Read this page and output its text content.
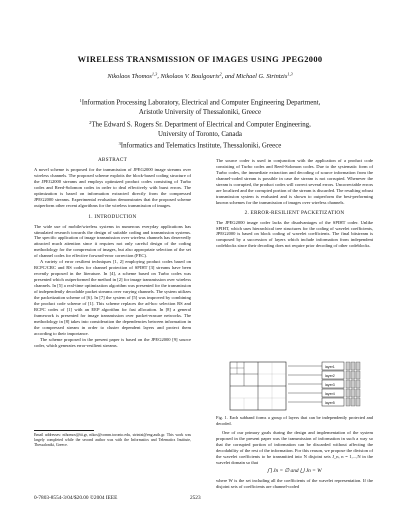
WIRELESS TRANSMISSION OF IMAGES USING JPEG2000
Nikolaos Thomos$^{1,3}$, Nikolaos V. Boulgouris$^2$, and Michael G. Strintzis$^{1,3}$
$^1$Information Processing Laboratory, Electrical and Computer Engineering Department,
Aristotle University of Thessaloniki, Greece
$^2$The Edward S. Rogers Sr. Department of Electrical and Computer Engineering,
University of Toronto, Canada
$^3$Informatics and Telematics Institute, Thessaloniki, Greece
ABSTRACT
A novel scheme is proposed for the transmission of JPEG2000 image streams over wireless channels. The proposed scheme exploits the block-based coding structure of the JPEG2000 streams and employs optimized product codes consisting of Turbo codes and Reed-Solomon codes in order to deal effectively with burst errors. The optimization is based on information extracted directly from the compressed JPEG2000 streams. Experimental evaluation demonstrates that the proposed scheme outperform other recent algorithms for the wireless transmission of images.
1. INTRODUCTION

The wide use of mobile/wireless systems in numerous everyday applications has stimulated research towards the design of suitable coding and transmission systems. The specific application of image transmission over wireless channels has deservedly attracted much attention since it requires not only careful design of the coding methodology for the compression of images, but also appropriate selection of the set of channel codes for effective forward-error correction (FEC).

A variety of error resilient techniques [1, 2] employing product codes based on RCPC/CRC and RS codes for channel protection of SPIHT [3] streams have been recently proposed in the literature. In [4], a scheme based on Turbo codes was presented which outperformed the method in [2] for image transmission over wireless channels. In [5] a real-time optimization algorithm was presented for the transmission of independently decodable packet streams over varying channels. The system utilizes the packetization scheme of [6]. In [7] the system of [5] was improved by combining the product code scheme of [1]. This scheme replaces the ad-hoc selection RS and RCPC codes of [1] with an EEP algorithm for fast allocation. In [8] a general framework is presented for image transmission over packet-erasure networks. The methodology in [8] takes into consideration the dependencies between information in the compressed stream in order to cluster dependent layers and protect them according to their importance.

The scheme proposed in the present paper is based on the JPEG2000 [9] source coder, which generates error-resilient streams.

Email addresses: nthomos@iti.gr, nikos@comm.toronto.edu, strintzi@eng.auth.gr. This work was largely completed while the second author was with the Informatics and Telematics Institute, Thessaloniki, Greece.

The source coder is used in conjunction with the application of a product code consisting of Turbo codes and Reed-Solomon codes. Due to the systematic form of Turbo codes, the immediate extraction and decoding of source information from the channel-coded stream is possible in case the stream is not corrupted. Whenever the stream is corrupted, the product codes will correct several errors. Uncorrectable errors are localized and the corrupted portion of the stream is discarded. The resulting robust transmission system is evaluated and is shown to outperform the best-performing known schemes for the transmission of images over wireless channels.

2. ERROR-RESILIENT PACKETIZATION

The JPEG2000 image coder lacks the disadvantages of the SPIHT coder. Unlike SPIHT, which uses hierarchical tree structures for the coding of wavelet coefficients, JPEG2000 is based on block coding of wavelet coefficients. The final bitstream is composed by a succession of layers which include information from independent codeblocks since their decoding does not require prior decoding of other codeblocks.

layer1
layer2
layer3
layer4
layer5
Fig. 1. Each subband forms a group of layers that can be independently protected and decoded.

One of our primary goals during the design and implementation of the system proposed in the present paper was the transmission of information in such a way so that the corrupted portion of information can be discarded without affecting the decodability of the rest of the information. For this reason, we propose the division of the wavelet coefficients to be transmitted into N disjoint sets J_n, n = 1,...,N in the wavelet domain so that

⋂ Jn = ∅ and ⋃ Jn = W

where W is the set including all the coefficients of the wavelet representation. If the disjoint sets of coefficients are channel-coded

0-7803-8554-3/04/$20.00 ©2004 IEEE	2523
